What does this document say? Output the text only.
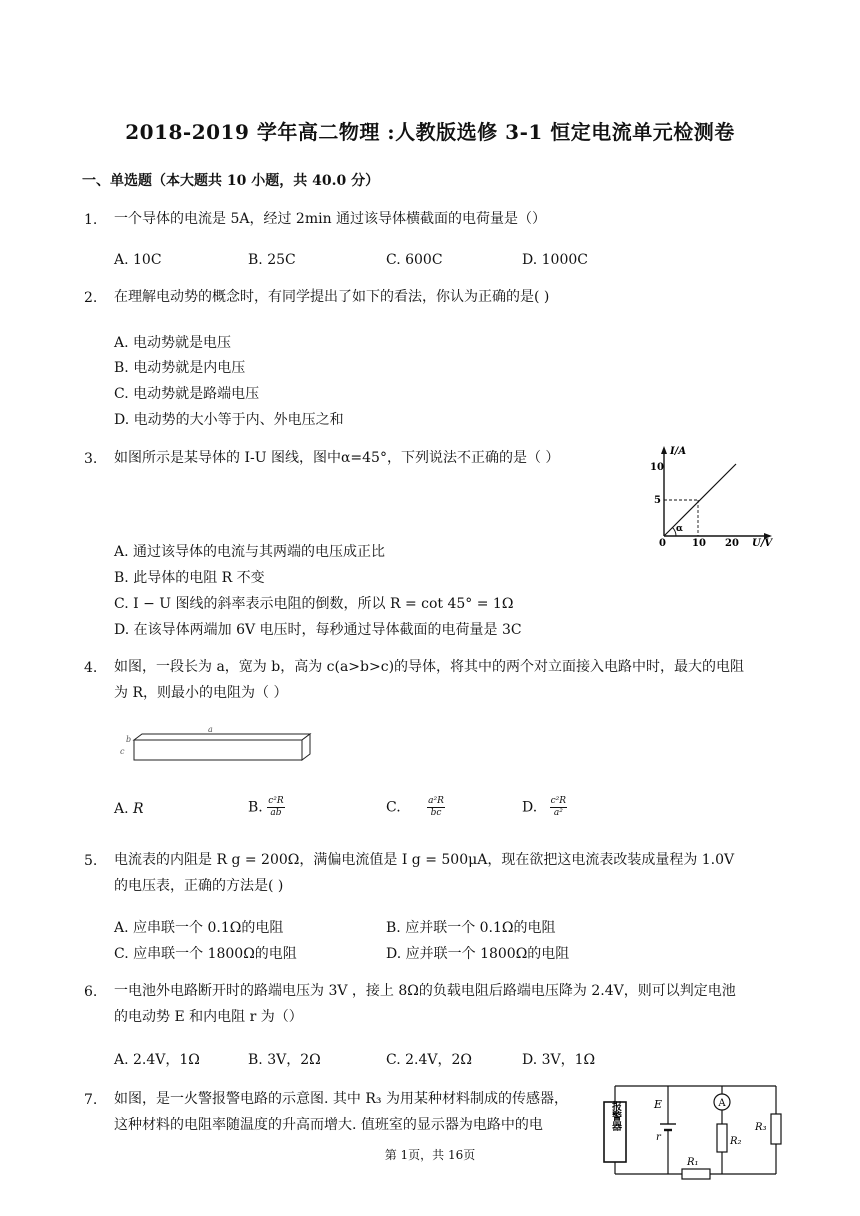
2018-2019 学年高二物理 :人教版选修 3-1 恒定电流单元检测卷
一、单选题（本大题共 10 小题，共 40.0 分）
1. 一个导体的电流是 5A，经过 2min 通过该导体横截面的电荷量是（）
A. 10C	B. 25C	C. 600C	D. 1000C
2. 在理解电动势的概念时，有同学提出了如下的看法，你认为正确的是( )
A. 电动势就是电压
B. 电动势就是内电压
C. 电动势就是路端电压
D. 电动势的大小等于内、外电压之和
3. 如图所示是某导体的 I-U 图线，图中α=45°，下列说法不正确的是（ ）	I/A
U/V
10
5
0	10 20
α
A. 通过该导体的电流与其两端的电压成正比
B. 此导体的电阻 R 不变
C. I − U 图线的斜率表示电阻的倒数，所以 R = cot 45° = 1Ω
D. 在该导体两端加 6V 电压时，每秒通过导体截面的电荷量是 3C
4. 如图，一段长为 a，宽为 b，高为 c(a>b>c)的导体，将其中的两个对立面接入电路中时，最大的电阻
为 R，则最小的电阻为（ ）
a
b
c
A. R	B. $\frac{\text{c²R}}{ab}$	C. $\frac{\text{a²R}}{bc}$	D. $\frac{\text{c²R}}{\text{a²}}$
5. 电流表的内阻是 R g = 200Ω，满偏电流值是 I g = 500μA，现在欲把这电流表改装成量程为 1.0V
的电压表，正确的方法是( )
A. 应串联一个 0.1Ω的电阻	B. 应并联一个 0.1Ω的电阻
C. 应串联一个 1800Ω的电阻	D. 应并联一个 1800Ω的电阻
6. 一电池外电路断开时的路端电压为 3V ，接上 8Ω的负载电阻后路端电压降为 2.4V，则可以判定电池
的电动势 E 和内电阻 r 为（）
A. 2.4V，1Ω	B. 3V，2Ω	C. 2.4V，2Ω	D. 3V，1Ω
7. 如图，是一火警报警电路的示意图. 其中 R₃ 为用某种材料制成的传感器，
这种材料的电阻率随温度的升高而增大. 值班室的显示器为电路中的电	报警器	E
r
A
R₂
R₃
R₁
第 1页，共 16页
